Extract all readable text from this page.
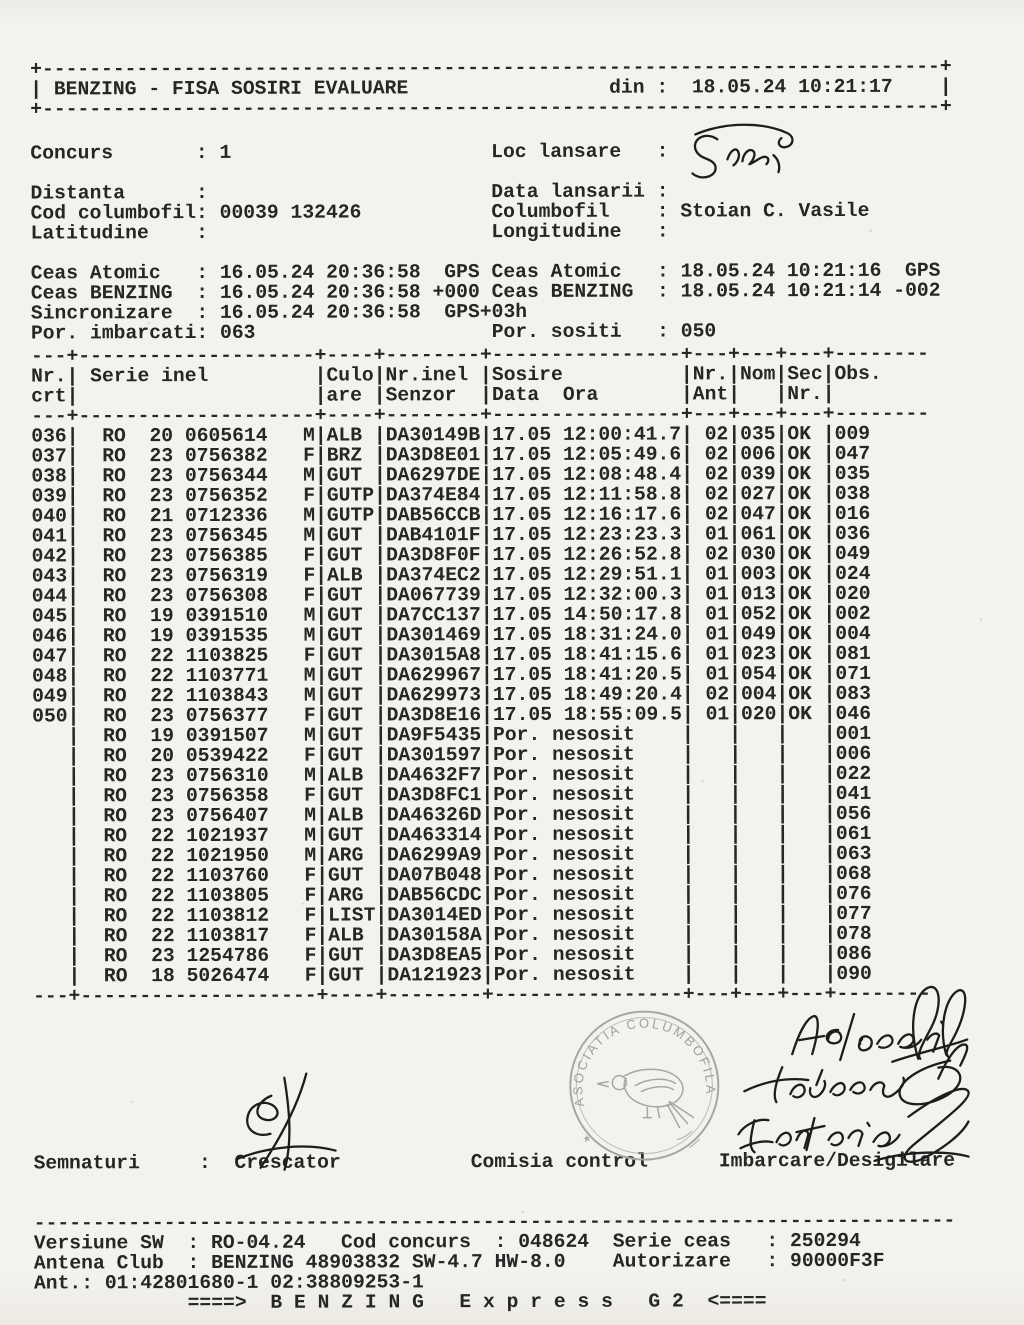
+----------------------------------------------------------------------------+
| BENZING - FISA SOSIRI EVALUARE                 din :  18.05.24 10:21:17    |
+----------------------------------------------------------------------------+
Concurs       : 1                      Loc lansare   :

Distanta      :                        Data lansarii :
Cod columbofil: 00039 132426           Columbofil    : Stoian C. Vasile
Latitudine    :                        Longitudine   :

Ceas Atomic   : 16.05.24 20:36:58  GPS Ceas Atomic   : 18.05.24 10:21:16  GPS
Ceas BENZING  : 16.05.24 20:36:58 +000 Ceas BENZING  : 18.05.24 10:21:14 -002
Sincronizare  : 16.05.24 20:36:58  GPS+03h
Por. imbarcati: 063                    Por. sositi   : 050
---+--------------------+----+--------+----------------+---+---+---+--------
Nr.| Serie inel         |Culo|Nr.inel |Sosire          |Nr.|Nom|Sec|Obs.
crt|                    |are |Senzor  |Data  Ora       |Ant|   |Nr.|
---+--------------------+----+--------+----------------+---+---+---+--------
036|  RO  20 0605614   M|ALB |DA30149B|17.05 12:00:41.7| 02|035|OK |009
037|  RO  23 0756382   F|BRZ |DA3D8E01|17.05 12:05:49.6| 02|006|OK |047
038|  RO  23 0756344   M|GUT |DA6297DE|17.05 12:08:48.4| 02|039|OK |035
039|  RO  23 0756352   F|GUTP|DA374E84|17.05 12:11:58.8| 02|027|OK |038
040|  RO  21 0712336   M|GUTP|DAB56CCB|17.05 12:16:17.6| 02|047|OK |016
041|  RO  23 0756345   M|GUT |DAB4101F|17.05 12:23:23.3| 01|061|OK |036
042|  RO  23 0756385   F|GUT |DA3D8F0F|17.05 12:26:52.8| 02|030|OK |049
043|  RO  23 0756319   F|ALB |DA374EC2|17.05 12:29:51.1| 01|003|OK |024
044|  RO  23 0756308   F|GUT |DA067739|17.05 12:32:00.3| 01|013|OK |020
045|  RO  19 0391510   M|GUT |DA7CC137|17.05 14:50:17.8| 01|052|OK |002
046|  RO  19 0391535   M|GUT |DA301469|17.05 18:31:24.0| 01|049|OK |004
047|  RO  22 1103825   F|GUT |DA3015A8|17.05 18:41:15.6| 01|023|OK |081
048|  RO  22 1103771   M|GUT |DA629967|17.05 18:41:20.5| 01|054|OK |071
049|  RO  22 1103843   M|GUT |DA629973|17.05 18:49:20.4| 02|004|OK |083
050|  RO  23 0756377   F|GUT |DA3D8E16|17.05 18:55:09.5| 01|020|OK |046
|  RO  19 0391507   M|GUT |DA9F5435|Por. nesosit    |   |   |   |001
|  RO  20 0539422   F|GUT |DA301597|Por. nesosit    |   |   |   |006
|  RO  23 0756310   M|ALB |DA4632F7|Por. nesosit    |   |   |   |022
|  RO  23 0756358   F|GUT |DA3D8FC1|Por. nesosit    |   |   |   |041
|  RO  23 0756407   M|ALB |DA46326D|Por. nesosit    |   |   |   |056
|  RO  22 1021937   M|GUT |DA463314|Por. nesosit    |   |   |   |061
|  RO  22 1021950   M|ARG |DA6299A9|Por. nesosit    |   |   |   |063
|  RO  22 1103760   F|GUT |DA07B048|Por. nesosit    |   |   |   |068
|  RO  22 1103805   F|ARG |DAB56CDC|Por. nesosit    |   |   |   |076
|  RO  22 1103812   F|LIST|DA3014ED|Por. nesosit    |   |   |   |077
|  RO  22 1103817   F|ALB |DA30158A|Por. nesosit    |   |   |   |078
|  RO  23 1254786   F|GUT |DA3D8EA5|Por. nesosit    |   |   |   |086
|  RO  18 5026474   F|GUT |DA121923|Por. nesosit    |   |   |   |090
---+--------------------+----+--------+----------------+---+---+---+--------
Semnaturi     :  Crescator           Comisia control      Imbarcare/Desigilare
------------------------------------------------------------------------------
Versiune SW  : RO-04.24   Cod concurs  : 048624  Serie ceas   : 250294
Antena Club  : BENZING 48903832 SW-4.7 HW-8.0    Autorizare   : 90000F3F
Ant.: 01:42801680-1 02:38809253-1
====>  B E N Z I N G   E x p r e s s   G 2  <====
ASOCIATIA COLUMBOFILA
★
